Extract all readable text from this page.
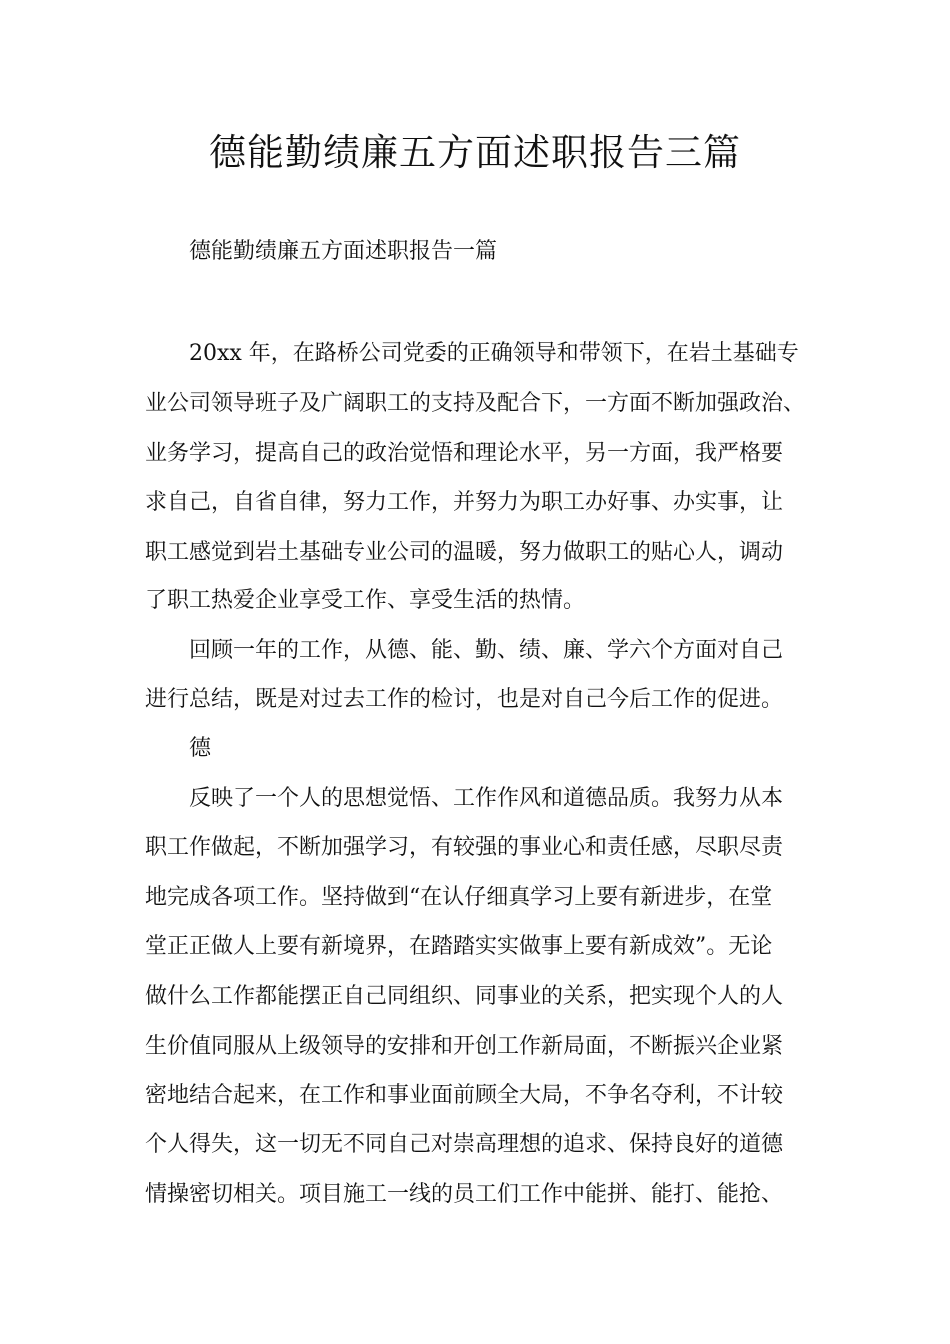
德能勤绩廉五方面述职报告三篇

德能勤绩廉五方面述职报告一篇

20xx 年，在路桥公司党委的正确领导和带领下，在岩土基础专

业公司领导班子及广阔职工的支持及配合下，一方面不断加强政治、

业务学习，提高自己的政治觉悟和理论水平，另一方面，我严格要

求自己，自省自律，努力工作，并努力为职工办好事、办实事，让

职工感觉到岩土基础专业公司的温暖，努力做职工的贴心人，调动

了职工热爱企业享受工作、享受生活的热情。

回顾一年的工作，从德、能、勤、绩、廉、学六个方面对自己

进行总结，既是对过去工作的检讨，也是对自己今后工作的促进。

德

反映了一个人的思想觉悟、工作作风和道德品质。我努力从本

职工作做起，不断加强学习，有较强的事业心和责任感，尽职尽责

地完成各项工作。坚持做到“在认仔细真学习上要有新进步，在堂

堂正正做人上要有新境界，在踏踏实实做事上要有新成效”。无论

做什么工作都能摆正自己同组织、同事业的关系，把实现个人的人

生价值同服从上级领导的安排和开创工作新局面，不断振兴企业紧

密地结合起来，在工作和事业面前顾全大局，不争名夺利，不计较

个人得失，这一切无不同自己对崇高理想的追求、保持良好的道德

情操密切相关。项目施工一线的员工们工作中能拼、能打、能抢、
